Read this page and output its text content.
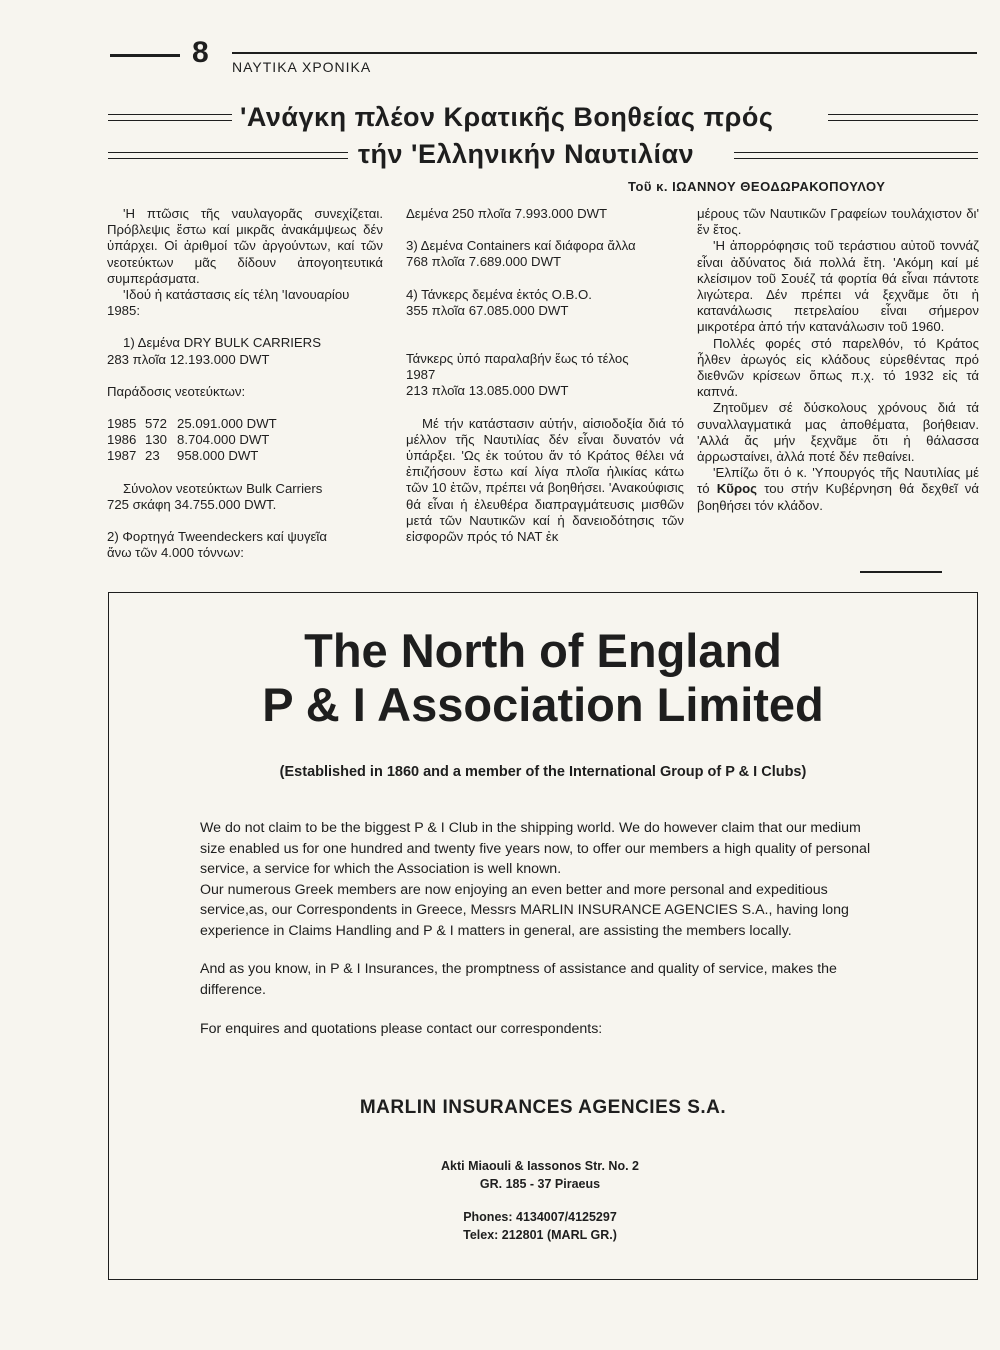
8 ΝΑΥΤΙΚΑ ΧΡΟΝΙΚΑ
'Ανάγκη πλέον Κρατικῆς Βοηθείας πρός
τήν 'Ελληνικήν Ναυτιλίαν
Τοῦ κ. ΙΩΑΝΝΟΥ ΘΕΟΔΩΡΑΚΟΠΟΥΛΟΥ

'Η πτῶσις τῆς ναυλαγορᾶς συνεχίζεται. Πρόβλεψις ἔστω καί μικρᾶς ἀνακάμψεως δέν ὑπάρχει. Οἱ ἀριθμοί τῶν ἀργούντων, καί τῶν νεοτεύκτων μᾶς δίδουν ἀπογοητευτικά συμπεράσματα.

'Ιδού ἡ κατάστασις είς τέλη 'Ιανουαρίου 1985:

1) Δεμένα DRY BULK CARRIERS

283 πλοῖα 12.193.000 DWT

Παράδοσις νεοτεύκτων:

1985 572 25.091.000 DWT

1986 130 8.704.000 DWT

1987 23 958.000 DWT

Σύνολον νεοτεύκτων Bulk Carriers

725 σκάφη 34.755.000 DWT.

2) Φορτηγά Tweendeckers καί ψυγεῖα

ἄνω τῶν 4.000 τόννων:

Δεμένα 250 πλοῖα 7.993.000 DWT

3) Δεμένα Containers καί διάφορα ἄλλα

768 πλοῖα 7.689.000 DWT

4) Τάνκερς δεμένα ἐκτός Ο.Β.Ο.

355 πλοῖα 67.085.000 DWT

Τάνκερς ὑπό παραλαβήν ἕως τό τέλος

1987

213 πλοῖα 13.085.000 DWT

Μέ τήν κατάστασιν αὐτήν, αἰσιοδοξία διά τό μέλλον τῆς Ναυτιλίας δέν εἶναι δυνατόν νά ὑπάρξει. 'Ως ἐκ τούτου ἄν τό Κράτος θέλει νά ἐπιζήσουν ἔστω καί λίγα πλοῖα ἡλικίας κάτω τῶν 10 ἐτῶν, πρέπει νά βοηθήσει. 'Ανακούφισις θά εἶναι ἡ ἐλευθέρα διαπραγμάτευσις μισθῶν μετά τῶν Ναυτικῶν καί ἡ δανειοδότησις τῶν εἰσφορῶν πρός τό ΝΑΤ ἐκ

μέρους τῶν Ναυτικῶν Γραφείων τουλάχιστον δι' ἕν ἔτος.

'Η ἀπορρόφησις τοῦ τεράστιου αὐτοῦ τοννάζ εἶναι ἀδύνατος διά πολλά ἔτη. 'Ακόμη καί μέ κλείσιμον τοῦ Σουέζ τά φορτία θά εἶναι πάντοτε λιγώτερα. Δέν πρέπει νά ξεχνᾶμε ὅτι ἡ κατανάλωσις πετρελαίου εἶναι σήμερον μικροτέρα ἀπό τήν κατανάλωσιν τοῦ 1960.

Πολλές φορές στό παρελθόν, τό Κράτος ἦλθεν ἀρωγός εἰς κλάδους εὑρεθέντας πρό διεθνῶν κρίσεων ὅπως π.χ. τό 1932 εἰς τά καπνά.

Ζητοῦμεν σέ δύσκολους χρόνους διά τά συναλλαγματικά μας ἀποθέματα, βοήθειαν. 'Αλλά ἄς μήν ξεχνᾶμε ὅτι ἡ θάλασσα ἀρρωσταίνει, ἀλλά ποτέ δέν πεθαίνει.

'Ελπίζω ὅτι ὁ κ. 'Υπουργός τῆς Ναυτιλίας μέ τό Κῦρος του στήν Κυβέρνηση θά δεχθεῖ νά βοηθήσει τόν κλάδον.

The North of England
P & I Association Limited
(Established in 1860 and a member of the International Group of P & I Clubs)

We do not claim to be the biggest P & I Club in the shipping world. We do however claim that our medium size enabled us for one hundred and twenty five years now, to offer our members a high quality of personal service, a service for which the Association is well known.

Our numerous Greek members are now enjoying an even better and more personal and expeditious service,as, our Correspondents in Greece, Messrs MARLIN INSURANCE AGENCIES S.A., having long experience in Claims Handling and P & I matters in general, are assisting the members locally.

And as you know, in P & I Insurances, the promptness of assistance and quality of service, makes the difference.

For enquires and quotations please contact our correspondents:

MARLIN INSURANCES AGENCIES S.A.
Akti Miaouli & Iassonos Str. No. 2
GR. 185 - 37 Piraeus
Phones: 4134007/4125297
Telex: 212801 (MARL GR.)
